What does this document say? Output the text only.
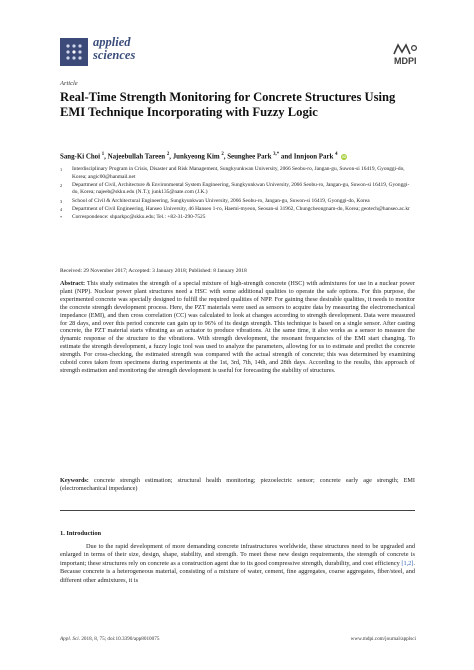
applied
sciences	MDPI
Article
Real-Time Strength Monitoring for Concrete Structures Using EMI Technique Incorporating with Fuzzy Logic
Sang-Ki Choi $^1$, Najeebullah Tareen $^2$, Junkyeong Kim $^2$, Seunghee Park $^{3,*}$ and Innjoon Park $^4$ iD
1 Interdisciplinary Program in Crisis, Disaster and Risk Management, Sungkyunkwan University, 2066 Seobu-ro, Jangan-gu, Suwon-si 16419, Gyonggi-do, Korea; angic00@hanmail.net
2 Department of Civil, Architecture & Environmental System Engineering, Sungkyunkwan University, 2066 Seobu-ro, Jangan-gu, Suwon-si 16419, Gyonggi-do, Korea; najeeb@skku.edu (N.T.); junk135@nate.com (J.K.)
3 School of Civil & Architectural Engineering, Sungkyunkwan University, 2066 Seobu-ro, Jangan-gu, Suwon-si 16419, Gyonggi-do, Korea
4 Department of Civil Engineering, Hanseo University, 46 Hanseo 1-ro, Haemi-myeon, Seosan-si 31962, Chungcheongnam-do, Korea; geotech@hanseo.ac.kr
* Correspondence: shparkpc@skku.edu; Tel.: +82-31-290-7525
Received: 29 November 2017; Accepted: 3 January 2018; Published: 8 January 2018
Abstract: This study estimates the strength of a special mixture of high-strength concrete (HSC) with admixtures for use in a nuclear power plant (NPP). Nuclear power plant structures need a HSC with some additional qualities to operate the safe options. For this purpose, the experimented concrete was specially designed to fulfill the required qualities of NPP. For gaining these desirable qualities, it needs to monitor the concrete strength development process. Here, the PZT materials were used as sensors to acquire data by measuring the electromechanical impedance (EMI), and then cross correlation (CC) was calculated to look at changes according to strength development. Data were measured for 28 days, and over this period concrete can gain up to 96% of its design strength. This technique is based on a single sensor. After casting concrete, the PZT material starts vibrating as an actuator to produce vibrations. At the same time, it also works as a sensor to measure the dynamic response of the structure to the vibrations. With strength development, the resonant frequencies of the EMI start changing. To estimate the strength development, a fuzzy logic tool was used to analyze the parameters, allowing for us to estimate and predict the concrete strength. For cross-checking, the estimated strength was compared with the actual strength of concrete; this was determined by examining cuboid cores taken from specimens during experiments at the 1st, 3rd, 7th, 14th, and 28th days. According to the results, this approach of strength estimation and monitoring the strength development is useful for forecasting the stability of structures.
Keywords: concrete strength estimation; structural health monitoring; piezoelectric sensor; concrete early age strength; EMI (electromechanical impedance)
1. Introduction
Due to the rapid development of more demanding concrete infrastructures worldwide, these structures need to be upgraded and enlarged in terms of their size, design, shape, stability, and strength. To meet these new design requirements, the strength of concrete is important; these structures rely on concrete as a construction agent due to its good compressive strength, durability, and cost efficiency [1,2]. Because concrete is a heterogeneous material, consisting of a mixture of water, cement, fine aggregates, coarse aggregates, fiber/steel, and different other admixtures, it is
Appl. Sci. 2018, 8, 75; doi:10.3390/app8010075	www.mdpi.com/journal/applsci
